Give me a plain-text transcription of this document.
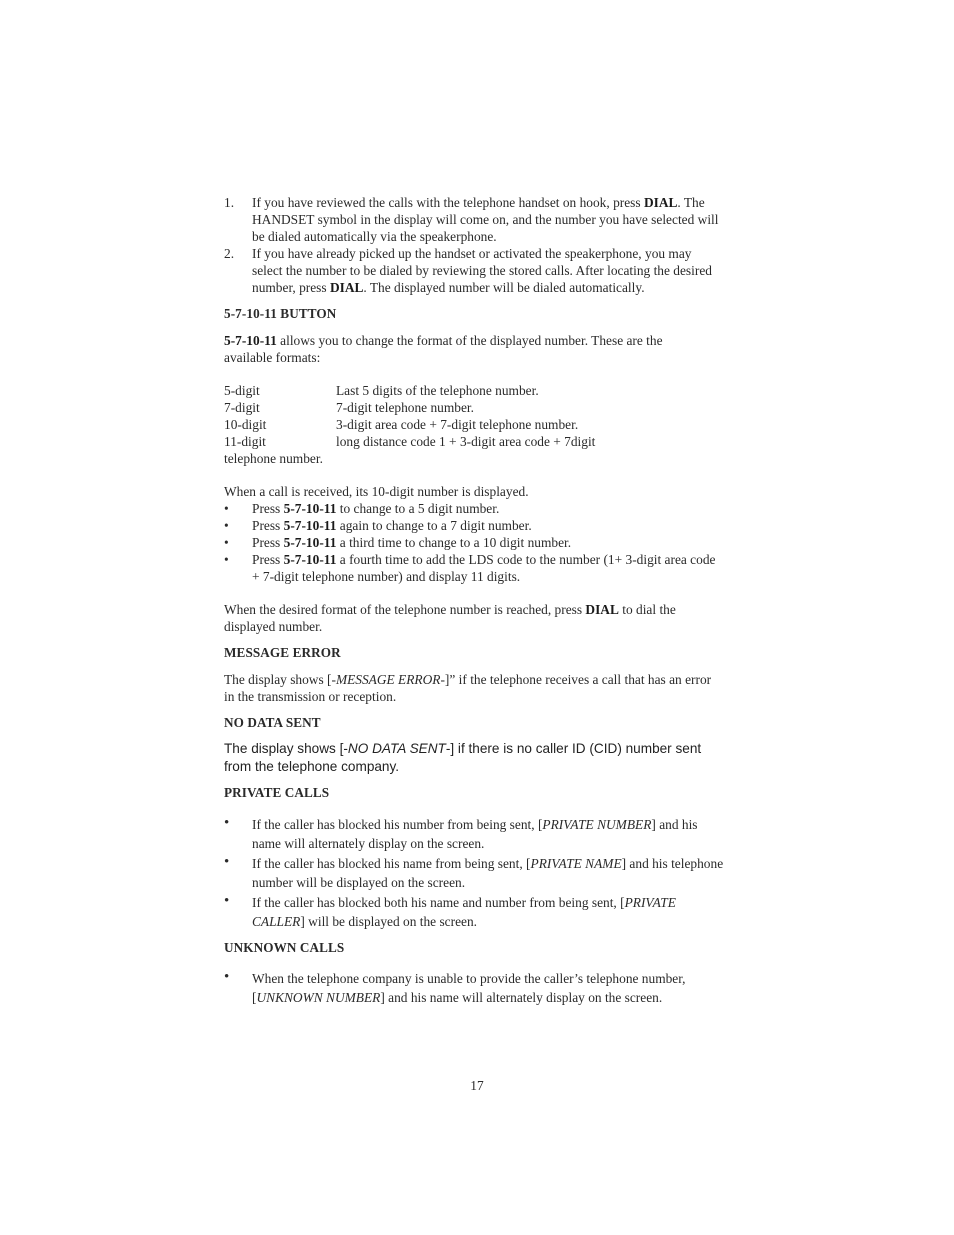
1. If you have reviewed the calls with the telephone handset on hook, press DIAL. The HANDSET symbol in the display will come on, and the number you have selected will be dialed automatically via the speakerphone.
2. If you have already picked up the handset or activated the speakerphone, you may select the number to be dialed by reviewing the stored calls. After locating the desired number, press DIAL. The displayed number will be dialed automatically.
5-7-10-11 BUTTON
5-7-10-11 allows you to change the format of the displayed number. These are the available formats:
5-digit	Last 5 digits of the telephone number.
7-digit	7-digit telephone number.
10-digit	3-digit area code + 7-digit telephone number.
11-digit	long distance code 1 + 3-digit area code + 7digit
telephone number.
When a call is received, its 10-digit number is displayed.
• Press 5-7-10-11 to change to a 5 digit number.
• Press 5-7-10-11 again to change to a 7 digit number.
• Press 5-7-10-11 a third time to change to a 10 digit number.
• Press 5-7-10-11 a fourth time to add the LDS code to the number (1+ 3-digit area code + 7-digit telephone number) and display 11 digits.
When the desired format of the telephone number is reached, press DIAL to dial the displayed number.
MESSAGE ERROR
The display shows [-MESSAGE ERROR-]” if the telephone receives a call that has an error in the transmission or reception.
NO DATA SENT
The display shows [-NO DATA SENT-] if there is no caller ID (CID) number sent from the telephone company.
PRIVATE CALLS
• If the caller has blocked his number from being sent, [PRIVATE NUMBER] and his name will alternately display on the screen.
• If the caller has blocked his name from being sent, [PRIVATE NAME] and his telephone number will be displayed on the screen.
• If the caller has blocked both his name and number from being sent, [PRIVATE CALLER] will be displayed on the screen.
UNKNOWN CALLS
• When the telephone company is unable to provide the caller’s telephone number, [UNKNOWN NUMBER] and his name will alternately display on the screen.
17
